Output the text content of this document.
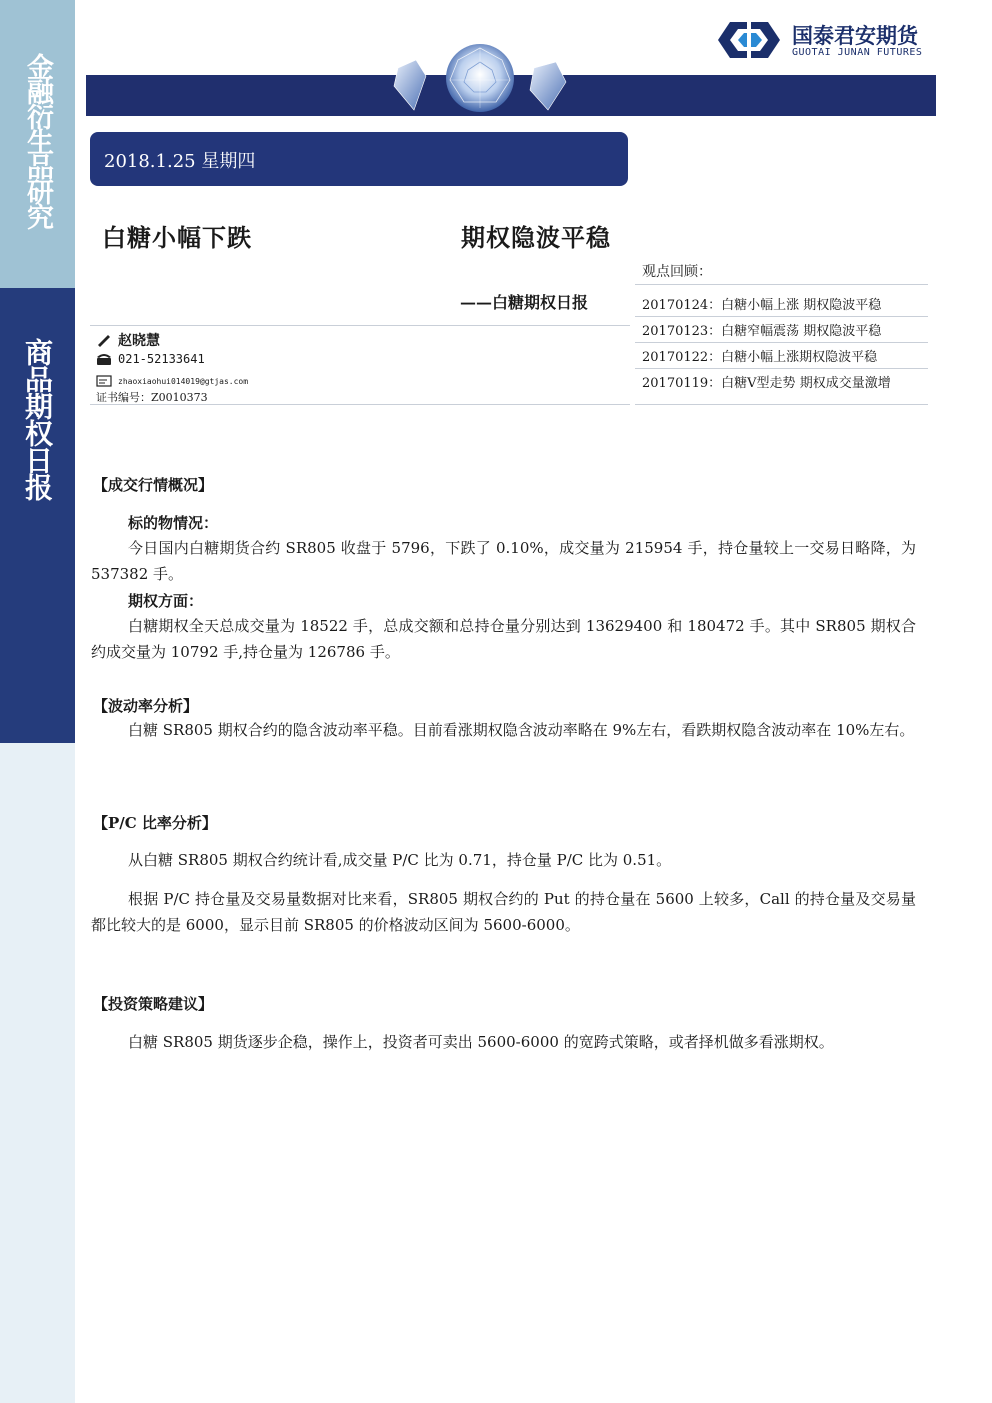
金融衍生品研究
商品期权日报
国泰君安期货
GUOTAI JUNAN FUTURES
2018.1.25 星期四
白糖小幅下跌	期权隐波平稳
——白糖期权日报
赵晓慧
021-52133641
zhaoxiaohui014019@gtjas.com
证书编号：Z0010373
观点回顾：
20170124：白糖小幅上涨 期权隐波平稳
20170123：白糖窄幅震荡 期权隐波平稳
20170122：白糖小幅上涨期权隐波平稳
20170119：白糖V型走势 期权成交量激增
【成交行情概况】
标的物情况：
今日国内白糖期货合约 SR805 收盘于 5796，下跌了 0.10%，成交量为 215954 手，持仓量较上一交易日略降，为 537382 手。
期权方面：
白糖期权全天总成交量为 18522 手，总成交额和总持仓量分别达到 13629400 和 180472 手。其中 SR805 期权合约成交量为 10792 手,持仓量为 126786 手。
【波动率分析】
白糖 SR805 期权合约的隐含波动率平稳。目前看涨期权隐含波动率略在 9%左右，看跌期权隐含波动率在 10%左右。
【P/C 比率分析】
从白糖 SR805 期权合约统计看,成交量 P/C 比为 0.71，持仓量 P/C 比为 0.51。
根据 P/C 持仓量及交易量数据对比来看，SR805 期权合约的 Put 的持仓量在 5600 上较多，Call 的持仓量及交易量都比较大的是 6000，显示目前 SR805 的价格波动区间为 5600-6000。
【投资策略建议】
白糖 SR805 期货逐步企稳，操作上，投资者可卖出 5600-6000 的宽跨式策略，或者择机做多看涨期权。
